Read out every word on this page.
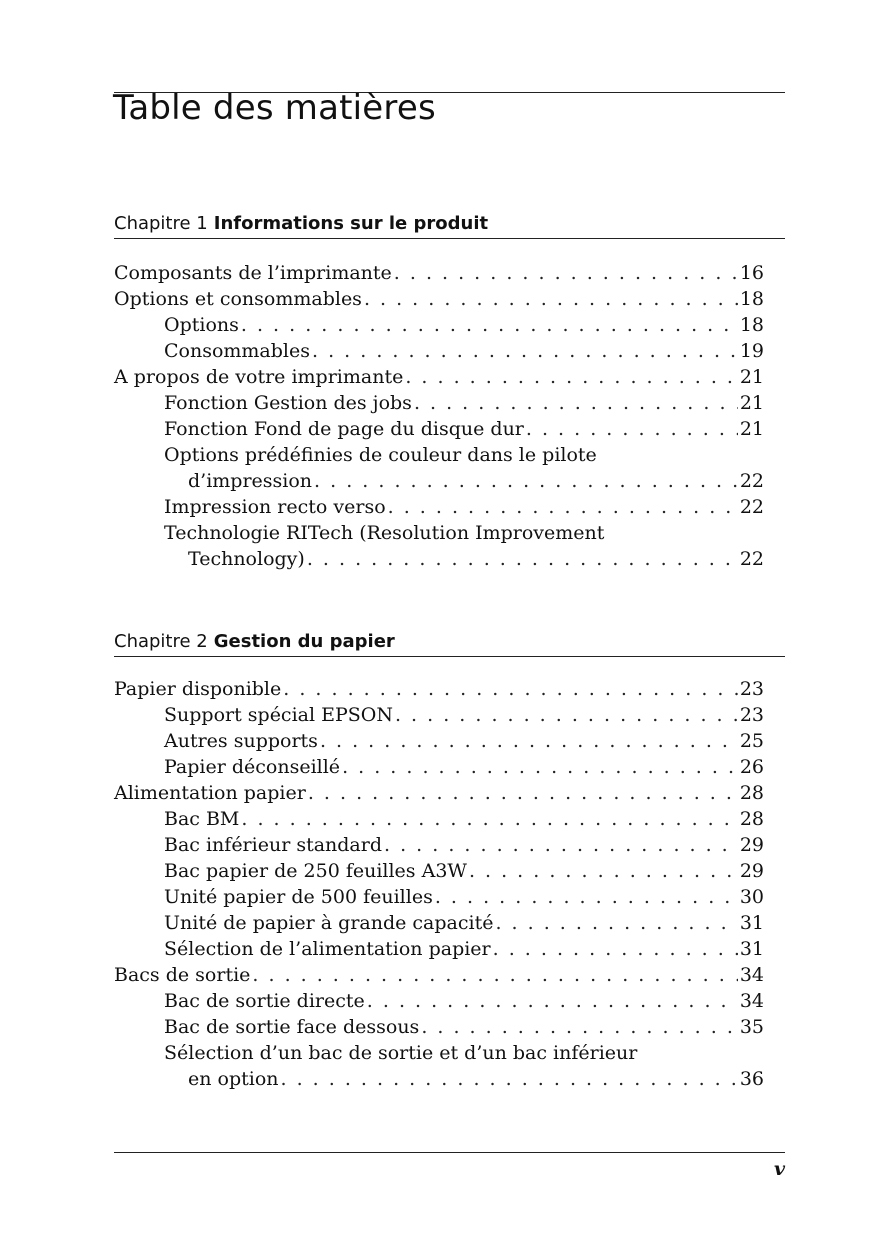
Table des matières
Chapitre 1 Informations sur le produit
Composants de l’imprimante . . .	16
Options et consommables . . .	18
Options . . .	18
Consommables . . .	19
A propos de votre imprimante . . .	21
Fonction Gestion des jobs . . .	21
Fonction Fond de page du disque dur . . .	21
Options prédéfinies de couleur dans le pilote
d’impression . . .	22
Impression recto verso . . .	22
Technologie RITech (Resolution Improvement
Technology) . . .	22
Chapitre 2 Gestion du papier
Papier disponible . . .	23
Support spécial EPSON . . .	23
Autres supports . . .	25
Papier déconseillé . . .	26
Alimentation papier . . .	28
Bac BM . . .	28
Bac inférieur standard . . .	29
Bac papier de 250 feuilles A3W . . .	29
Unité papier de 500 feuilles . . .	30
Unité de papier à grande capacité . . .	31
Sélection de l’alimentation papier . . .	31
Bacs de sortie . . .	34
Bac de sortie directe . . .	34
Bac de sortie face dessous . . .	35
Sélection d’un bac de sortie et d’un bac inférieur
en option . . .	36
v
